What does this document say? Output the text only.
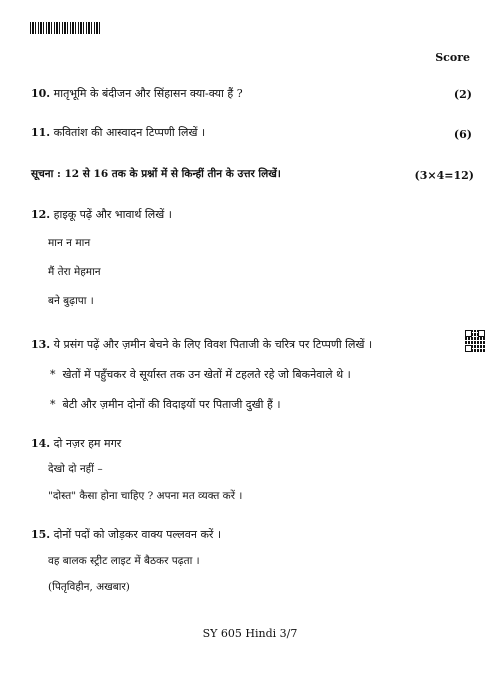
Score
10. मातृभूमि के बंदीजन और सिंहासन क्या-क्या हैं ?	(2)
11. कवितांश की आस्वादन टिप्पणी लिखें ।	(6)
सूचना : 12 से 16 तक के प्रश्नों में से किन्हीं तीन के उत्तर लिखें।	(3×4=12)
12. हाइकू पढ़ें और भावार्थ लिखें ।
मान न मान
मैं तेरा मेहमान
बने बुढ़ापा ।
13. ये प्रसंग पढ़ें और ज़मीन बेचने के लिए विवश पिताजी के चरित्र पर टिप्पणी लिखें ।
* खेतों में पहुँचकर वे सूर्यास्त तक उन खेतों में टहलते रहे जो बिकनेवाले थे ।
* बेटी और ज़मीन दोनों की विदाइयों पर पिताजी दुखी हैं ।
14. दो नज़र हम मगर
देखो दो नहीं –
"दोस्त" कैसा होना चाहिए ? अपना मत व्यक्त करें ।
15. दोनों पदों को जोड़कर वाक्य पल्लवन करें ।
वह बालक स्ट्रीट लाइट में बैठकर पढ़ता ।
(पितृविहीन, अखबार)
SY 605 Hindi 3/7
